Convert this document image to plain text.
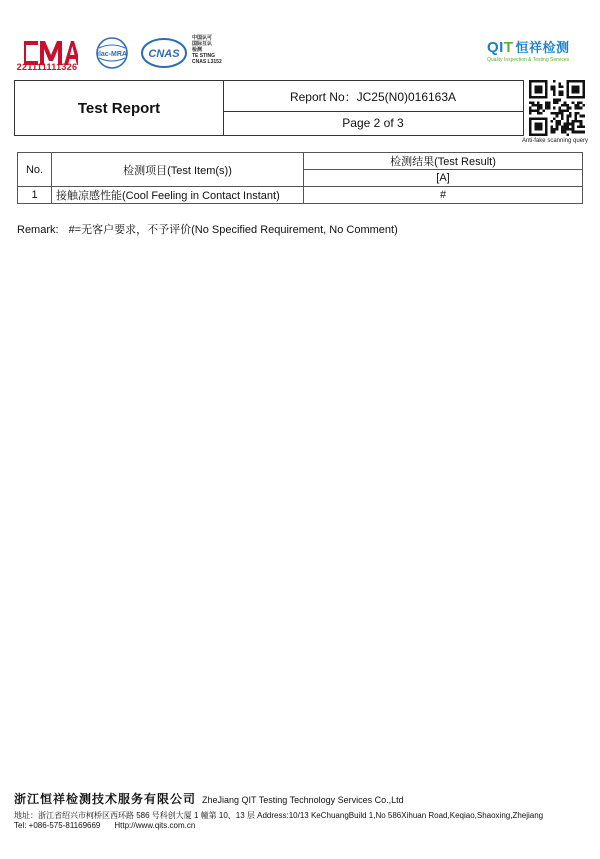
221111111326
ilac-MRA CNAS
中国认可
国际互认
检测
TE STING
CNAS L3152
QIT 恒祥检测
Quality Inspection & Testing Services
Test Report
Report No：JC25(N0)016163A
Page 2 of 3
Anti-fake scanning query
No.	检测项目(Test Item(s))	检测结果(Test Result)
		[A]
1	接触凉感性能(Cool Feeling in Contact Instant)	#
Remark: #=无客户要求，不予评价(No Specified Requirement, No Comment)
浙江恒祥检测技术服务有限公司 ZheJiang QIT Testing Technology Services Co.,Ltd
地址：浙江省绍兴市柯桥区西环路 586 号科创大厦 1 幢第 10、13 层 Address:10/13 KeChuangBuild 1,No 586Xihuan Road,Keqiao,Shaoxing,Zhejiang
Tel: +086-575-81169669 Http://www.qits.com.cn
